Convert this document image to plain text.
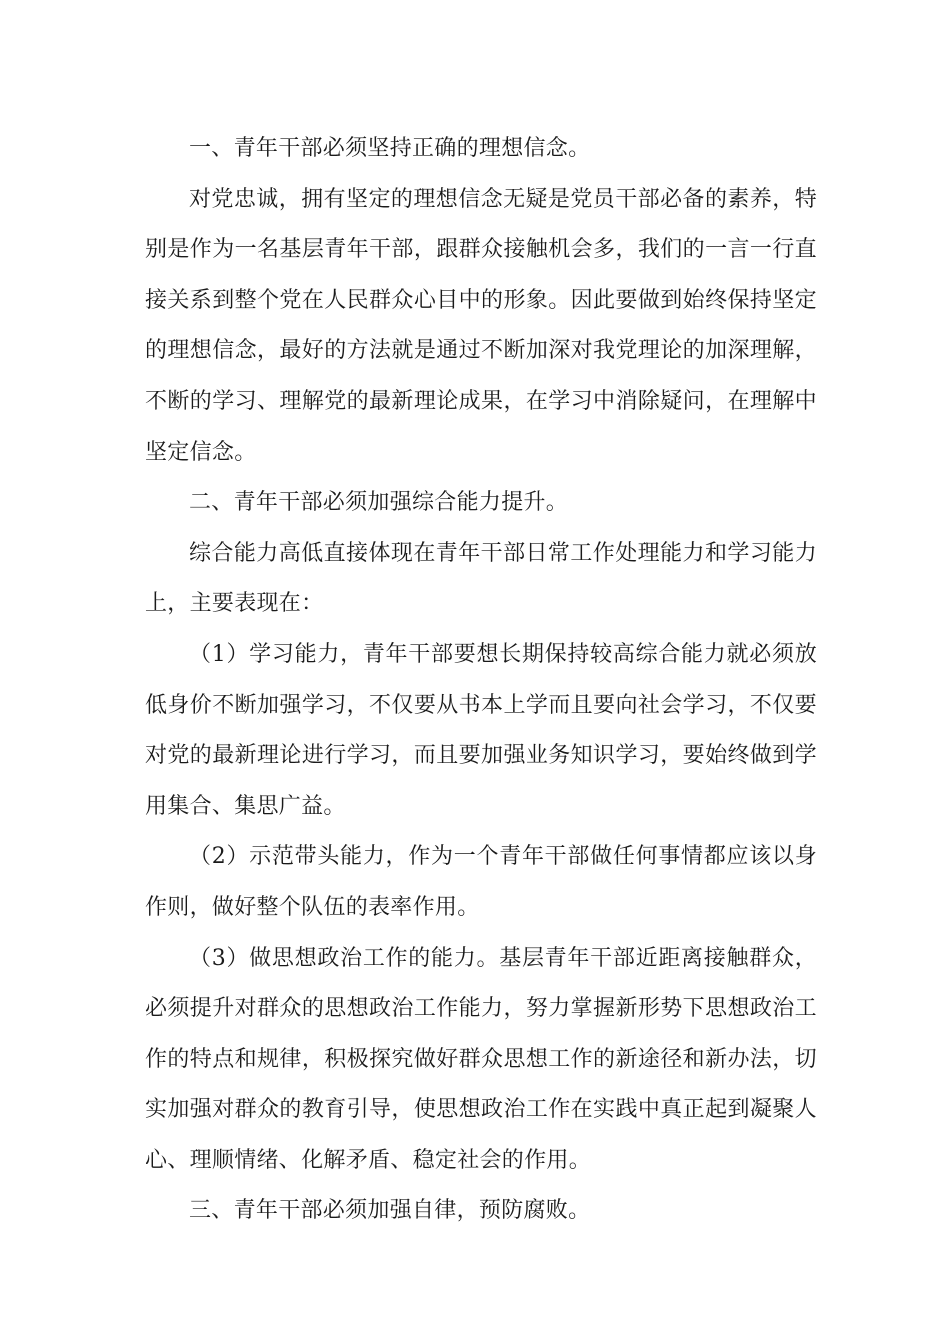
一、青年干部必须坚持正确的理想信念。

对党忠诚，拥有坚定的理想信念无疑是党员干部必备的素养，特别是作为一名基层青年干部，跟群众接触机会多，我们的一言一行直接关系到整个党在人民群众心目中的形象。因此要做到始终保持坚定的理想信念，最好的方法就是通过不断加深对我党理论的加深理解，不断的学习、理解党的最新理论成果，在学习中消除疑问，在理解中坚定信念。

二、青年干部必须加强综合能力提升。

综合能力高低直接体现在青年干部日常工作处理能力和学习能力上，主要表现在：

（1）学习能力，青年干部要想长期保持较高综合能力就必须放低身价不断加强学习，不仅要从书本上学而且要向社会学习，不仅要对党的最新理论进行学习，而且要加强业务知识学习，要始终做到学用集合、集思广益。

（2）示范带头能力，作为一个青年干部做任何事情都应该以身作则，做好整个队伍的表率作用。

（3）做思想政治工作的能力。基层青年干部近距离接触群众，必须提升对群众的思想政治工作能力，努力掌握新形势下思想政治工作的特点和规律，积极探究做好群众思想工作的新途径和新办法，切实加强对群众的教育引导，使思想政治工作在实践中真正起到凝聚人心、理顺情绪、化解矛盾、稳定社会的作用。

三、青年干部必须加强自律，预防腐败。
